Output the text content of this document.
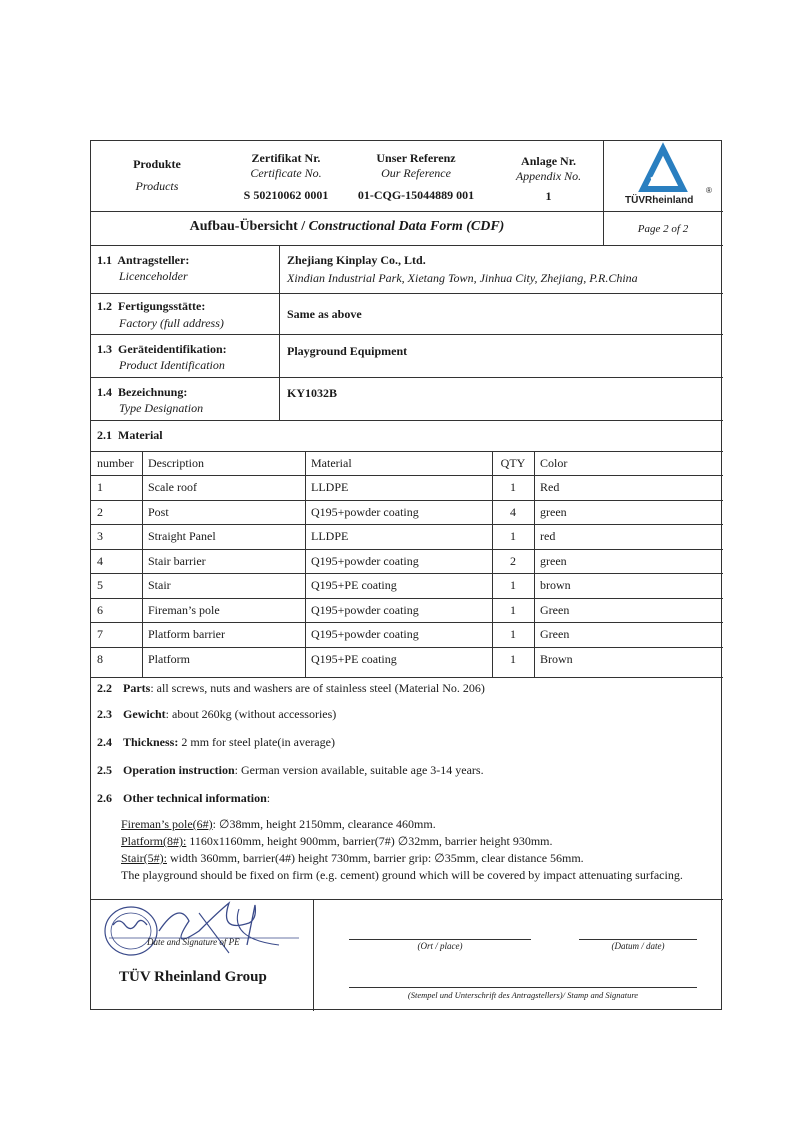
Produkte
Products
Zertifikat Nr.
Certificate No.
S 50210062 0001
Unser Referenz
Our Reference
01-CQG-15044889 001
Anlage Nr.
Appendix No.
1	TÜVRheinland
®
Aufbau-Übersicht / Constructional Data Form (CDF)	Page 2 of 2
1.1 Antragsteller:
Licenceholder
Zhejiang Kinplay Co., Ltd.
Xindian Industrial Park, Xietang Town, Jinhua City, Zhejiang, P.R.China
1.2 Fertigungsstätte:
Factory (full address)
Same as above
1.3 Geräteidentifikation:
Product Identification
Playground Equipment
1.4 Bezeichnung:
Type Designation
KY1032B
2.1 Material
number	Description	Material	QTY	Color
1	Scale roof	LLDPE	1	Red
2	Post	Q195+powder coating	4	green
3	Straight Panel	LLDPE	1	red
4	Stair barrier	Q195+powder coating	2	green
5	Stair	Q195+PE coating	1	brown
6	Fireman’s pole	Q195+powder coating	1	Green
7	Platform barrier	Q195+powder coating	1	Green
8	Platform	Q195+PE coating	1	Brown
2.2 Parts: all screws, nuts and washers are of stainless steel (Material No. 206)
2.3 Gewicht: about 260kg (without accessories)
2.4 Thickness: 2 mm for steel plate(in average)
2.5 Operation instruction: German version available, suitable age 3-14 years.
2.6 Other technical information:
Fireman’s pole(6#): ∅38mm, height 2150mm, clearance 460mm.
Platform(8#): 1160x1160mm, height 900mm, barrier(7#) ∅32mm, barrier height 930mm.
Stair(5#): width 360mm, barrier(4#) height 730mm, barrier grip: ∅35mm, clear distance 56mm.
The playground should be fixed on firm (e.g. cement) ground which will be covered by impact attenuating surfacing.
Date and Signature of PE
TÜV Rheinland Group
(Ort / place)	(Datum / date)
(Stempel und Unterschrift des Antragstellers)/ Stamp and Signature
